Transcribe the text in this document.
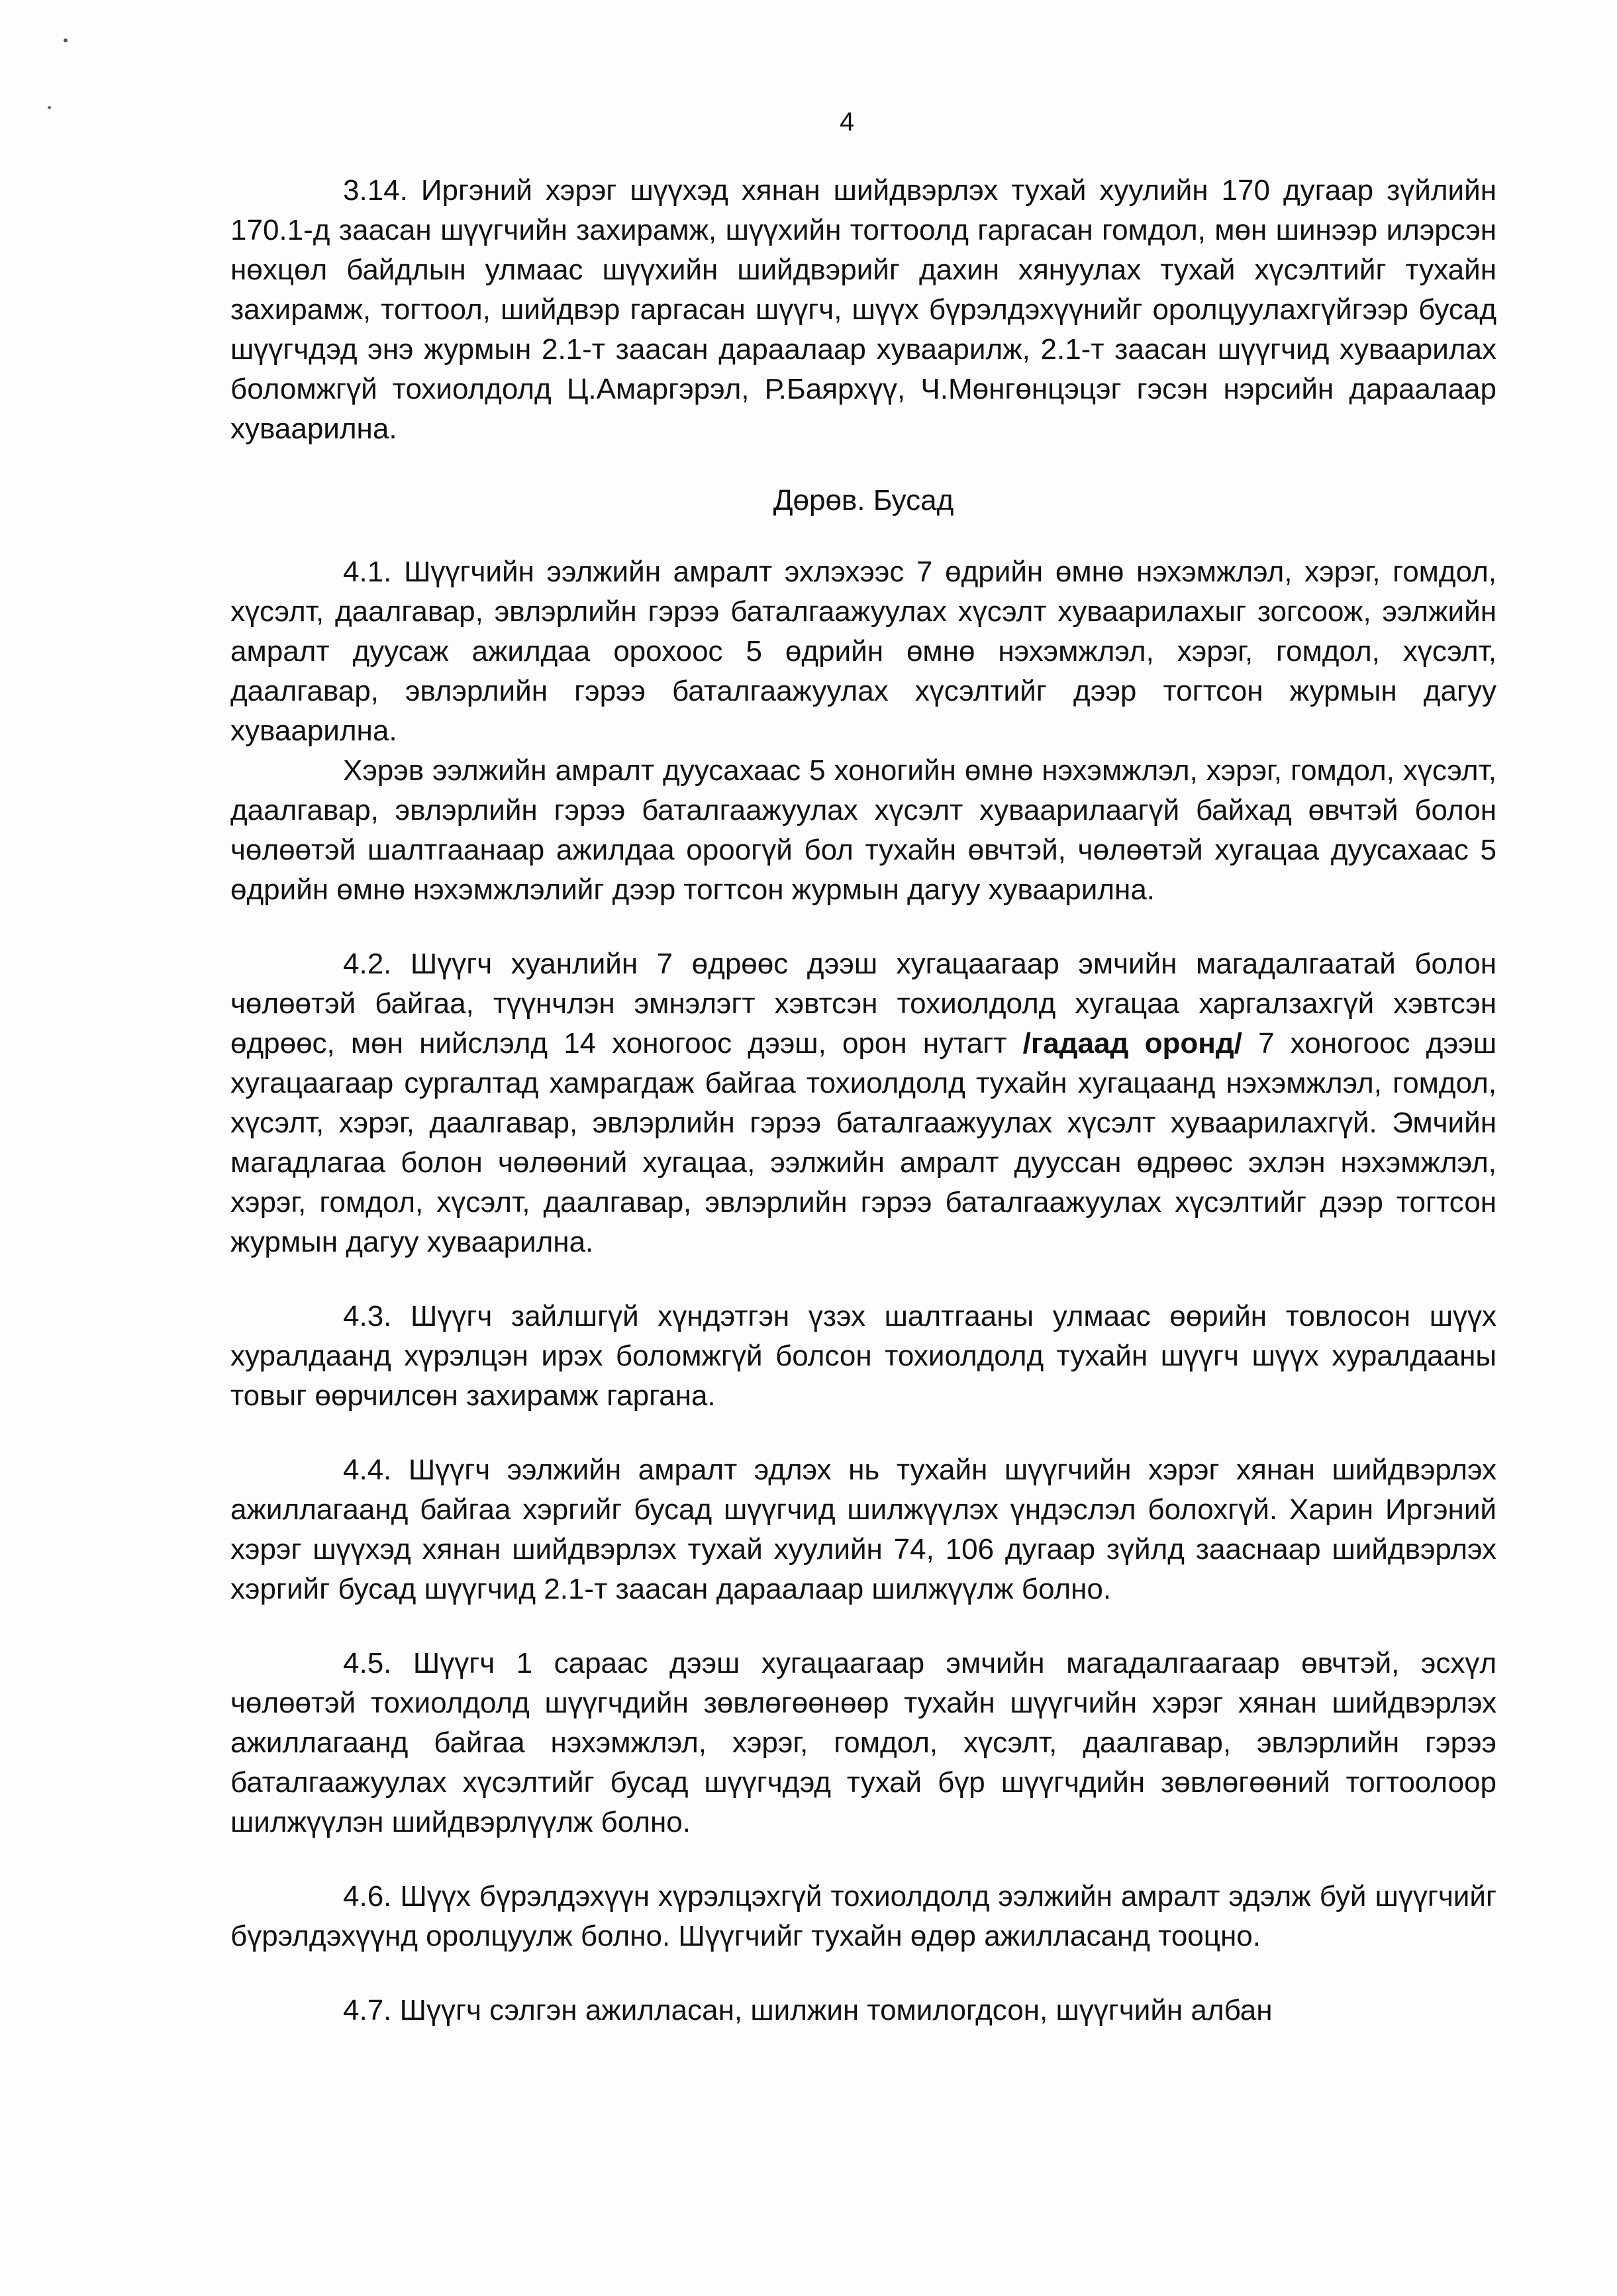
4

3.14. Иргэний хэрэг шүүхэд хянан шийдвэрлэх тухай хуулийн 170 дугаар зүйлийн 170.1-д заасан шүүгчийн захирамж, шүүхийн тогтоолд гаргасан гомдол, мөн шинээр илэрсэн нөхцөл байдлын улмаас шүүхийн шийдвэрийг дахин хянуулах тухай хүсэлтийг тухайн захирамж, тогтоол, шийдвэр гаргасан шүүгч, шүүх бүрэлдэхүүнийг оролцуулахгүйгээр бусад шүүгчдэд энэ журмын 2.1-т заасан дараалаар хуваарилж, 2.1-т заасан шүүгчид хуваарилах боломжгүй тохиолдолд Ц.Амаргэрэл, Р.Баярхүү, Ч.Мөнгөнцэцэг гэсэн нэрсийн дараалаар хуваарилна.

Дөрөв. Бусад

4.1. Шүүгчийн ээлжийн амралт эхлэхээс 7 өдрийн өмнө нэхэмжлэл, хэрэг, гомдол, хүсэлт, даалгавар, эвлэрлийн гэрээ баталгаажуулах хүсэлт хуваарилахыг зогсоож, ээлжийн амралт дуусаж ажилдаа орохоос 5 өдрийн өмнө нэхэмжлэл, хэрэг, гомдол, хүсэлт, даалгавар, эвлэрлийн гэрээ баталгаажуулах хүсэлтийг дээр тогтсон журмын дагуу хуваарилна.

Хэрэв ээлжийн амралт дуусахаас 5 хоногийн өмнө нэхэмжлэл, хэрэг, гомдол, хүсэлт, даалгавар, эвлэрлийн гэрээ баталгаажуулах хүсэлт хуваарилаагүй байхад өвчтэй болон чөлөөтэй шалтгаанаар ажилдаа ороогүй бол тухайн өвчтэй, чөлөөтэй хугацаа дуусахаас 5 өдрийн өмнө нэхэмжлэлийг дээр тогтсон журмын дагуу хуваарилна.

4.2. Шүүгч хуанлийн 7 өдрөөс дээш хугацаагаар эмчийн магадалгаатай болон чөлөөтэй байгаа, түүнчлэн эмнэлэгт хэвтсэн тохиолдолд хугацаа харгалзахгүй хэвтсэн өдрөөс, мөн нийслэлд 14 хоногоос дээш, орон нутагт /гадаад оронд/ 7 хоногоос дээш хугацаагаар сургалтад хамрагдаж байгаа тохиолдолд тухайн хугацаанд нэхэмжлэл, гомдол, хүсэлт, хэрэг, даалгавар, эвлэрлийн гэрээ баталгаажуулах хүсэлт хуваарилахгүй. Эмчийн магадлагаа болон чөлөөний хугацаа, ээлжийн амралт дууссан өдрөөс эхлэн нэхэмжлэл, хэрэг, гомдол, хүсэлт, даалгавар, эвлэрлийн гэрээ баталгаажуулах хүсэлтийг дээр тогтсон журмын дагуу хуваарилна.

4.3. Шүүгч зайлшгүй хүндэтгэн үзэх шалтгааны улмаас өөрийн товлосон шүүх хуралдаанд хүрэлцэн ирэх боломжгүй болсон тохиолдолд тухайн шүүгч шүүх хуралдааны товыг өөрчилсөн захирамж гаргана.

4.4. Шүүгч ээлжийн амралт эдлэх нь тухайн шүүгчийн хэрэг хянан шийдвэрлэх ажиллагаанд байгаа хэргийг бусад шүүгчид шилжүүлэх үндэслэл болохгүй. Харин Иргэний хэрэг шүүхэд хянан шийдвэрлэх тухай хуулийн 74, 106 дугаар зүйлд зааснаар шийдвэрлэх хэргийг бусад шүүгчид 2.1-т заасан дараалаар шилжүүлж болно.

4.5. Шүүгч 1 сараас дээш хугацаагаар эмчийн магадалгаагаар өвчтэй, эсхүл чөлөөтэй тохиолдолд шүүгчдийн зөвлөгөөнөөр тухайн шүүгчийн хэрэг хянан шийдвэрлэх ажиллагаанд байгаа нэхэмжлэл, хэрэг, гомдол, хүсэлт, даалгавар, эвлэрлийн гэрээ баталгаажуулах хүсэлтийг бусад шүүгчдэд тухай бүр шүүгчдийн зөвлөгөөний тогтоолоор шилжүүлэн шийдвэрлүүлж болно.

4.6. Шүүх бүрэлдэхүүн хүрэлцэхгүй тохиолдолд ээлжийн амралт эдэлж буй шүүгчийг бүрэлдэхүүнд оролцуулж болно. Шүүгчийг тухайн өдөр ажилласанд тооцно.

4.7. Шүүгч сэлгэн ажилласан, шилжин томилогдсон, шүүгчийн албан
